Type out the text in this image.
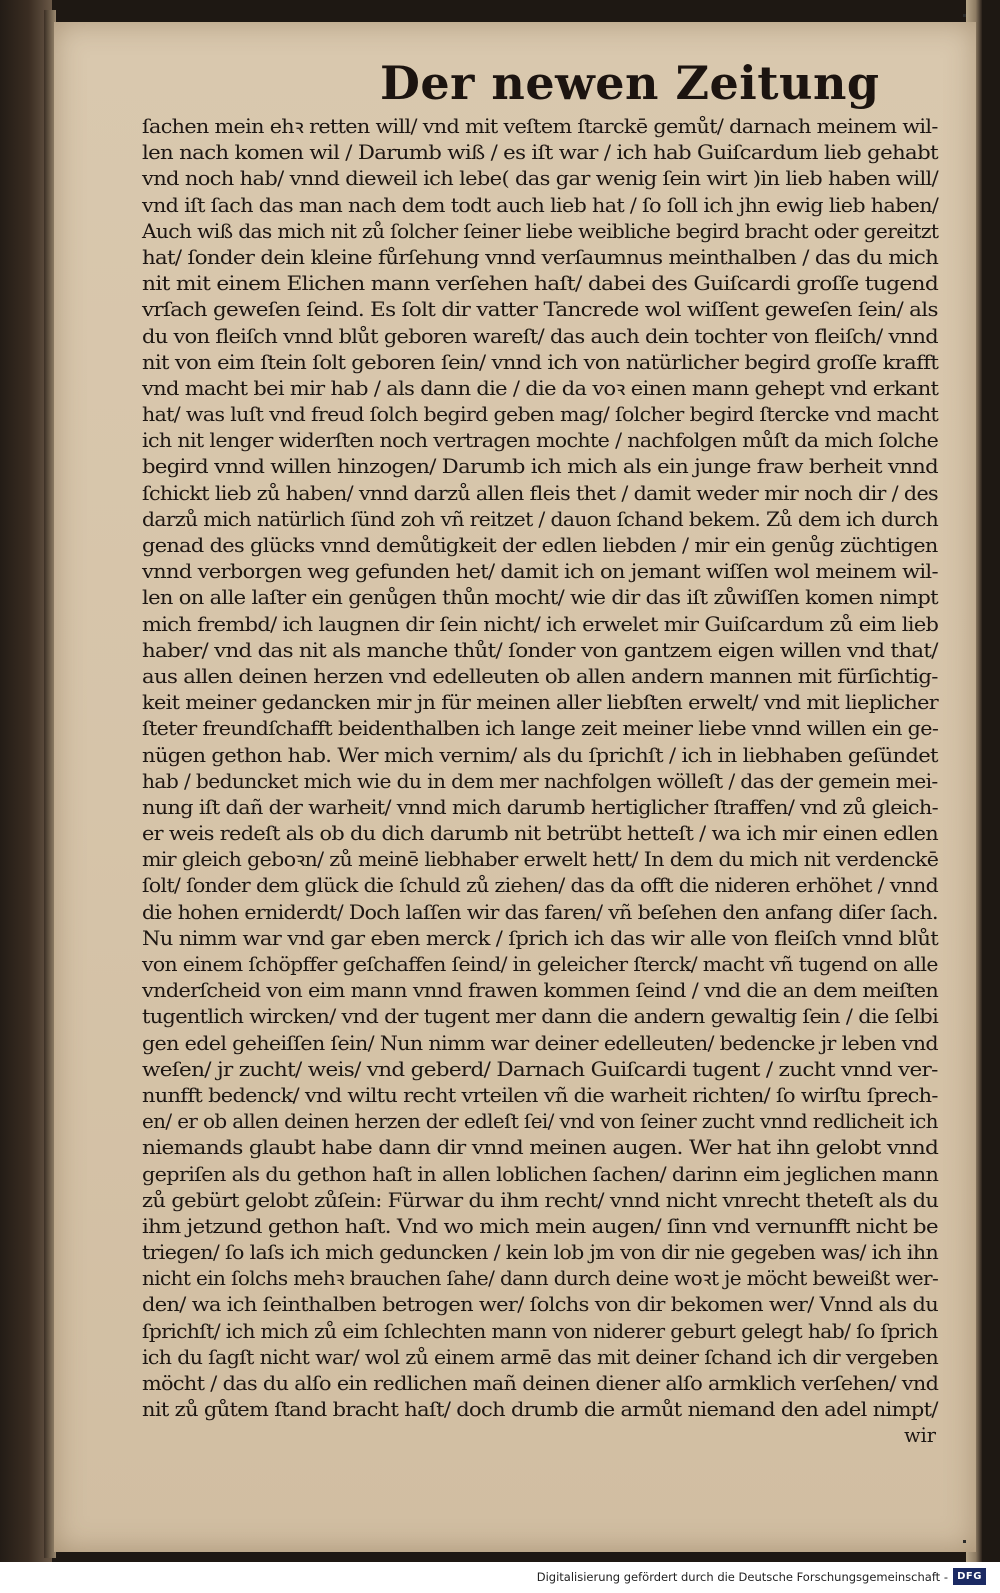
Der newen Zeitung
ſachen mein ehꝛ retten will/ vnd mit veſtem ſtarckē gemůt/ darnach meinem wil-
len nach komen wil / Darumb wiß / es iſt war / ich hab Guiſcardum lieb gehabt
vnd noch hab/ vnnd dieweil ich lebe( das gar wenig ſein wirt )in lieb haben will/
vnd iſt ſach das man nach dem todt auch lieb hat / ſo ſoll ich jhn ewig lieb haben/
Auch wiß das mich nit zů ſolcher ſeiner liebe weibliche begird bracht oder gereitzt
hat/ ſonder dein kleine fůrſehung vnnd verſaumnus meinthalben / das du mich
nit mit einem Elichen mann verſehen haſt/ dabei des Guiſcardi groſſe tugend
vrſach geweſen ſeind. Es ſolt dir vatter Tancrede wol wiſſent geweſen ſein/ als
du von fleiſch vnnd blůt geboren wareſt/ das auch dein tochter von fleiſch/ vnnd
nit von eim ſtein ſolt geboren ſein/ vnnd ich von natürlicher begird groſſe krafft
vnd macht bei mir hab / als dann die / die da voꝛ einen mann gehept vnd erkant
hat/ was luſt vnd freud ſolch begird geben mag/ ſolcher begird ſtercke vnd macht
ich nit lenger widerſten noch vertragen mochte / nachfolgen můſt da mich ſolche
begird vnnd willen hinzogen/ Darumb ich mich als ein junge fraw berheit vnnd
ſchickt lieb zů haben/ vnnd darzů allen fleis thet / damit weder mir noch dir / des
darzů mich natürlich ſünd zoh vñ reitzet / dauon ſchand bekem. Zů dem ich durch
genad des glücks vnnd demůtigkeit der edlen liebden / mir ein genůg züchtigen
vnnd verborgen weg gefunden het/ damit ich on jemant wiſſen wol meinem wil-
len on alle laſter ein genůgen thůn mocht/ wie dir das iſt zůwiſſen komen nimpt
mich frembd/ ich laugnen dir ſein nicht/ ich erwelet mir Guiſcardum zů eim lieb
haber/ vnd das nit als manche thůt/ ſonder von gantzem eigen willen vnd that/
aus allen deinen herzen vnd edelleuten ob allen andern mannen mit fürſichtig-
keit meiner gedancken mir jn für meinen aller liebſten erwelt/ vnd mit lieplicher
ſteter freundſchafft beidenthalben ich lange zeit meiner liebe vnnd willen ein ge-
nügen gethon hab. Wer mich vernim/ als du ſprichſt / ich in liebhaben geſündet
hab / beduncket mich wie du in dem mer nachfolgen wölleſt / das der gemein mei-
nung iſt dañ der warheit/ vnnd mich darumb hertiglicher ſtraffen/ vnd zů gleich-
er weis redeſt als ob du dich darumb nit betrübt hetteſt / wa ich mir einen edlen
mir gleich geboꝛn/ zů meinē liebhaber erwelt hett/ In dem du mich nit verdenckē
ſolt/ ſonder dem glück die ſchuld zů ziehen/ das da offt die nideren erhöhet / vnnd
die hohen erniderdt/ Doch laſſen wir das faren/ vñ beſehen den anfang diſer ſach.
Nu nimm war vnd gar eben merck / ſprich ich das wir alle von fleiſch vnnd blůt
von einem ſchöpffer geſchaffen ſeind/ in geleicher ſterck/ macht vñ tugend on alle
vnderſcheid von eim mann vnnd frawen kommen ſeind / vnd die an dem meiſten
tugentlich wircken/ vnd der tugent mer dann die andern gewaltig ſein / die ſelbi
gen edel geheiſſen ſein/ Nun nimm war deiner edelleuten/ bedencke jr leben vnd
weſen/ jr zucht/ weis/ vnd geberd/ Darnach Guiſcardi tugent / zucht vnnd ver-
nunfft bedenck/ vnd wiltu recht vrteilen vñ die warheit richten/ ſo wirſtu ſprech-
en/ er ob allen deinen herzen der edleſt ſei/ vnd von ſeiner zucht vnnd redlicheit ich
niemands glaubt habe dann dir vnnd meinen augen. Wer hat ihn gelobt vnnd
gepriſen als du gethon haſt in allen loblichen ſachen/ darinn eim jeglichen mann
zů gebürt gelobt zůſein: Fürwar du ihm recht/ vnnd nicht vnrecht theteſt als du
ihm jetzund gethon haſt. Vnd wo mich mein augen/ ſinn vnd vernunfft nicht be
triegen/ ſo laſs ich mich geduncken / kein lob jm von dir nie gegeben was/ ich ihn
nicht ein ſolchs mehꝛ brauchen ſahe/ dann durch deine woꝛt je möcht beweißt wer-
den/ wa ich ſeinthalben betrogen wer/ ſolchs von dir bekomen wer/ Vnnd als du
ſprichſt/ ich mich zů eim ſchlechten mann von niderer geburt gelegt hab/ ſo ſprich
ich du ſagſt nicht war/ wol zů einem armē das mit deiner ſchand ich dir vergeben
möcht / das du alſo ein redlichen mañ deinen diener alſo armklich verſehen/ vnd
nit zů gůtem ſtand bracht haſt/ doch drumb die armůt niemand den adel nimpt/
wir
Digitalisierung gefördert durch die Deutsche Forschungsgemeinschaft - DFG
